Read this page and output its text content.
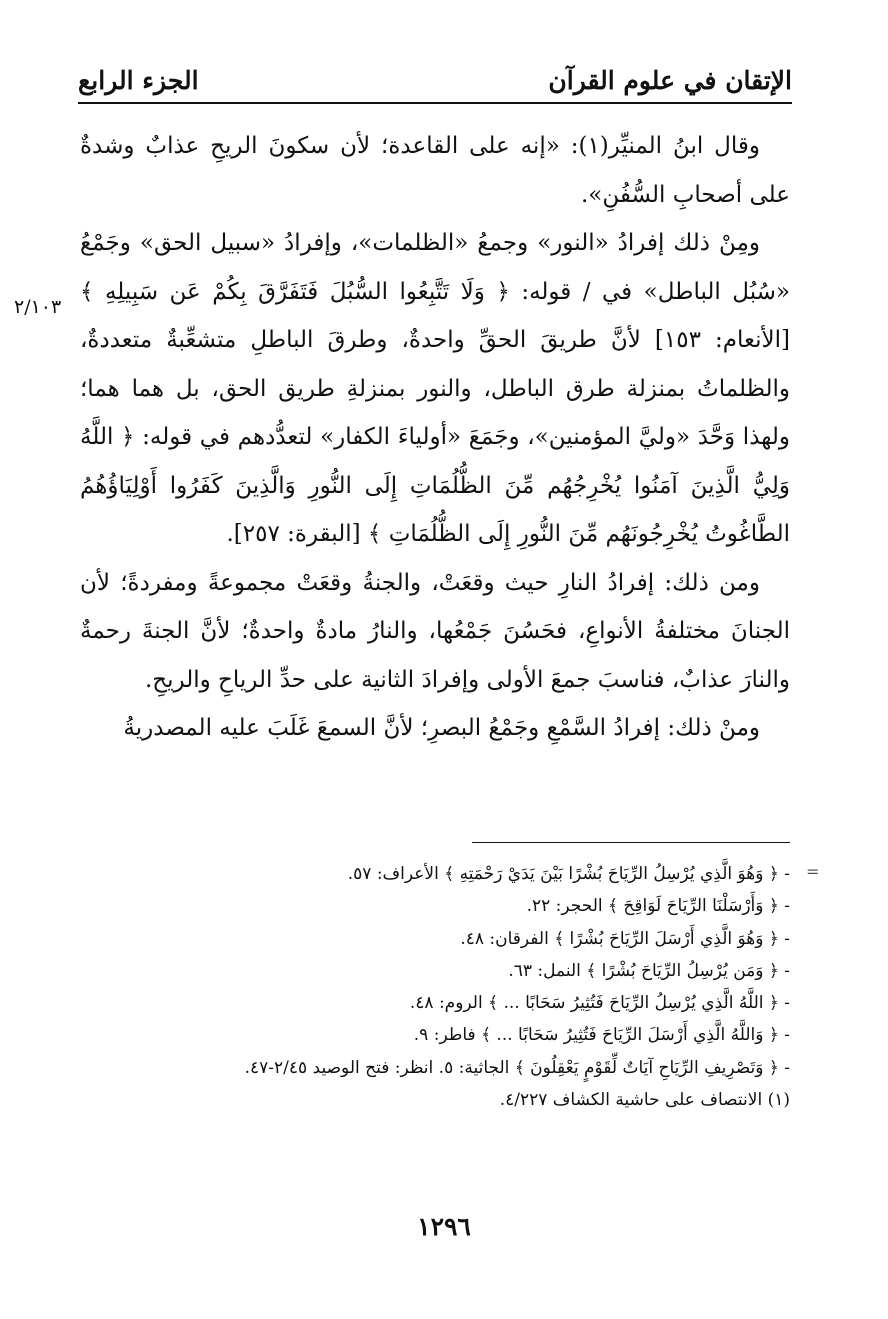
الإتقان في علوم القرآن
الجزء الرابع
٢/١٠٣

وقال ابنُ المنيِّر(١): «إنه على القاعدة؛ لأن سكونَ الريحِ عذابٌ وشدةٌ على أصحابِ السُّفُنِ».

ومِنْ ذلك إفرادُ «النور» وجمعُ «الظلمات»، وإفرادُ «سبيل الحق» وجَمْعُ «سُبُل الباطل» في / قوله: ﴿ وَلَا تَتَّبِعُوا السُّبُلَ فَتَفَرَّقَ بِكُمْ عَن سَبِيلِهِ ﴾ [الأنعام: ١٥٣] لأنَّ طريقَ الحقِّ واحدةٌ، وطرقَ الباطلِ متشعِّبةٌ متعددةٌ، والظلماتُ بمنزلة طرق الباطل، والنور بمنزلةِ طريق الحق، بل هما هما؛ ولهذا وَحَّدَ «وليَّ المؤمنين»، وجَمَعَ «أولياءَ الكفار» لتعدُّدهم في قوله: ﴿ اللَّهُ وَلِيُّ الَّذِينَ آمَنُوا يُخْرِجُهُم مِّنَ الظُّلُمَاتِ إِلَى النُّورِ وَالَّذِينَ كَفَرُوا أَوْلِيَاؤُهُمُ الطَّاغُوتُ يُخْرِجُونَهُم مِّنَ النُّورِ إِلَى الظُّلُمَاتِ ﴾ [البقرة: ٢٥٧].

ومن ذلك: إفرادُ النارِ حيث وقعَتْ، والجنةُ وقعَتْ مجموعةً ومفردةً؛ لأن الجنانَ مختلفةُ الأنواعِ، فحَسُنَ جَمْعُها، والنارُ مادةٌ واحدةٌ؛ لأنَّ الجنةَ رحمةٌ والنارَ عذابٌ، فناسبَ جمعَ الأولى وإفرادَ الثانية على حدِّ الرياحِ والريحِ.

ومنْ ذلك: إفرادُ السَّمْعِ وجَمْعُ البصرِ؛ لأنَّ السمعَ غَلَبَ عليه المصدريةُ

=
- ﴿ وَهُوَ الَّذِي يُرْسِلُ الرِّيَاحَ بُشْرًا بَيْنَ يَدَيْ رَحْمَتِهِ ﴾ الأعراف: ٥٧.
- ﴿ وَأَرْسَلْنَا الرِّيَاحَ لَوَاقِحَ ﴾ الحجر: ٢٢.
- ﴿ وَهُوَ الَّذِي أَرْسَلَ الرِّيَاحَ بُشْرًا ﴾ الفرقان: ٤٨.
- ﴿ وَمَن يُرْسِلُ الرِّيَاحَ بُشْرًا ﴾ النمل: ٦٣.
- ﴿ اللَّهُ الَّذِي يُرْسِلُ الرِّيَاحَ فَتُثِيرُ سَحَابًا ... ﴾ الروم: ٤٨.
- ﴿ وَاللَّهُ الَّذِي أَرْسَلَ الرِّيَاحَ فَتُثِيرُ سَحَابًا ... ﴾ فاطر: ٩.
- ﴿ وَتَصْرِيفِ الرِّيَاحِ آيَاتٌ لِّقَوْمٍ يَعْقِلُونَ ﴾ الجاثية: ٥. انظر: فتح الوصيد ٢/٤٥-٤٧.
(١) الانتصاف على حاشية الكشاف ٤/٢٢٧.
١٢٩٦
